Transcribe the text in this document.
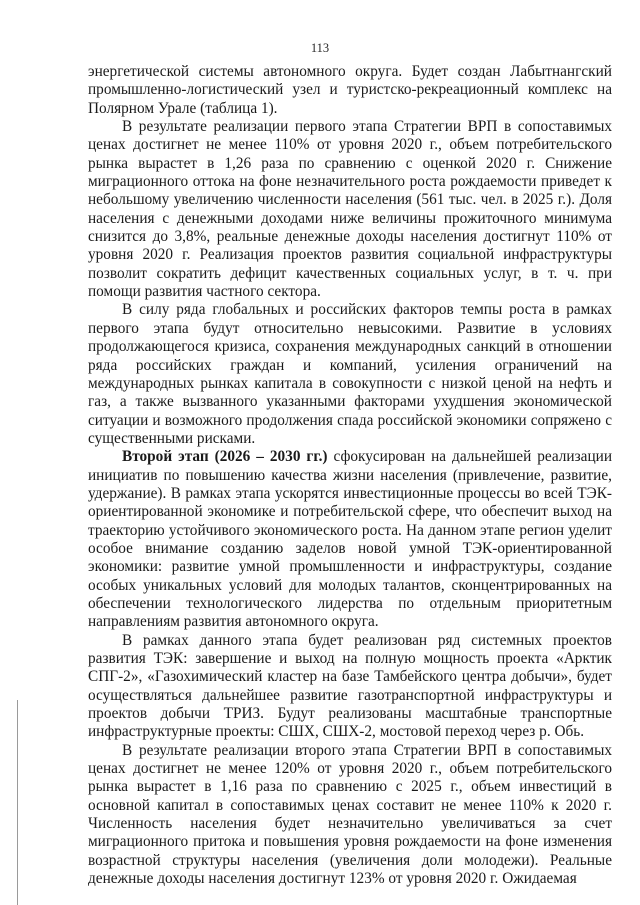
113

энергетической системы автономного округа. Будет создан Лабытнангский промышленно-логистический узел и туристско-рекреационный комплекс на Полярном Урале (таблица 1).

В результате реализации первого этапа Стратегии ВРП в сопоставимых ценах достигнет не менее 110% от уровня 2020 г., объем потребительского рынка вырастет в 1,26 раза по сравнению с оценкой 2020 г. Снижение миграционного оттока на фоне незначительного роста рождаемости приведет к небольшому увеличению численности населения (561 тыс. чел. в 2025 г.). Доля населения с денежными доходами ниже величины прожиточного минимума снизится до 3,8%, реальные денежные доходы населения достигнут 110% от уровня 2020 г. Реализация проектов развития социальной инфраструктуры позволит сократить дефицит качественных социальных услуг, в т. ч. при помощи развития частного сектора.

В силу ряда глобальных и российских факторов темпы роста в рамках первого этапа будут относительно невысокими. Развитие в условиях продолжающегося кризиса, сохранения международных санкций в отношении ряда российских граждан и компаний, усиления ограничений на международных рынках капитала в совокупности с низкой ценой на нефть и газ, а также вызванного указанными факторами ухудшения экономической ситуации и возможного продолжения спада российской экономики сопряжено с существенными рисками.

Второй этап (2026 – 2030 гг.) сфокусирован на дальнейшей реализации инициатив по повышению качества жизни населения (привлечение, развитие, удержание). В рамках этапа ускорятся инвестиционные процессы во всей ТЭК-ориентированной экономике и потребительской сфере, что обеспечит выход на траекторию устойчивого экономического роста. На данном этапе регион уделит особое внимание созданию заделов новой умной ТЭК-ориентированной экономики: развитие умной промышленности и инфраструктуры, создание особых уникальных условий для молодых талантов, сконцентрированных на обеспечении технологического лидерства по отдельным приоритетным направлениям развития автономного округа.

В рамках данного этапа будет реализован ряд системных проектов развития ТЭК: завершение и выход на полную мощность проекта «Арктик СПГ-2», «Газохимический кластер на базе Тамбейского центра добычи», будет осуществляться дальнейшее развитие газотранспортной инфраструктуры и проектов добычи ТРИЗ. Будут реализованы масштабные транспортные инфраструктурные проекты: СШХ, СШХ-2, мостовой переход через р. Обь.

В результате реализации второго этапа Стратегии ВРП в сопоставимых ценах достигнет не менее 120% от уровня 2020 г., объем потребительского рынка вырастет в 1,16 раза по сравнению с 2025 г., объем инвестиций в основной капитал в сопоставимых ценах составит не менее 110% к 2020 г. Численность населения будет незначительно увеличиваться за счет миграционного притока и повышения уровня рождаемости на фоне изменения возрастной структуры населения (увеличения доли молодежи). Реальные денежные доходы населения достигнут 123% от уровня 2020 г. Ожидаемая
